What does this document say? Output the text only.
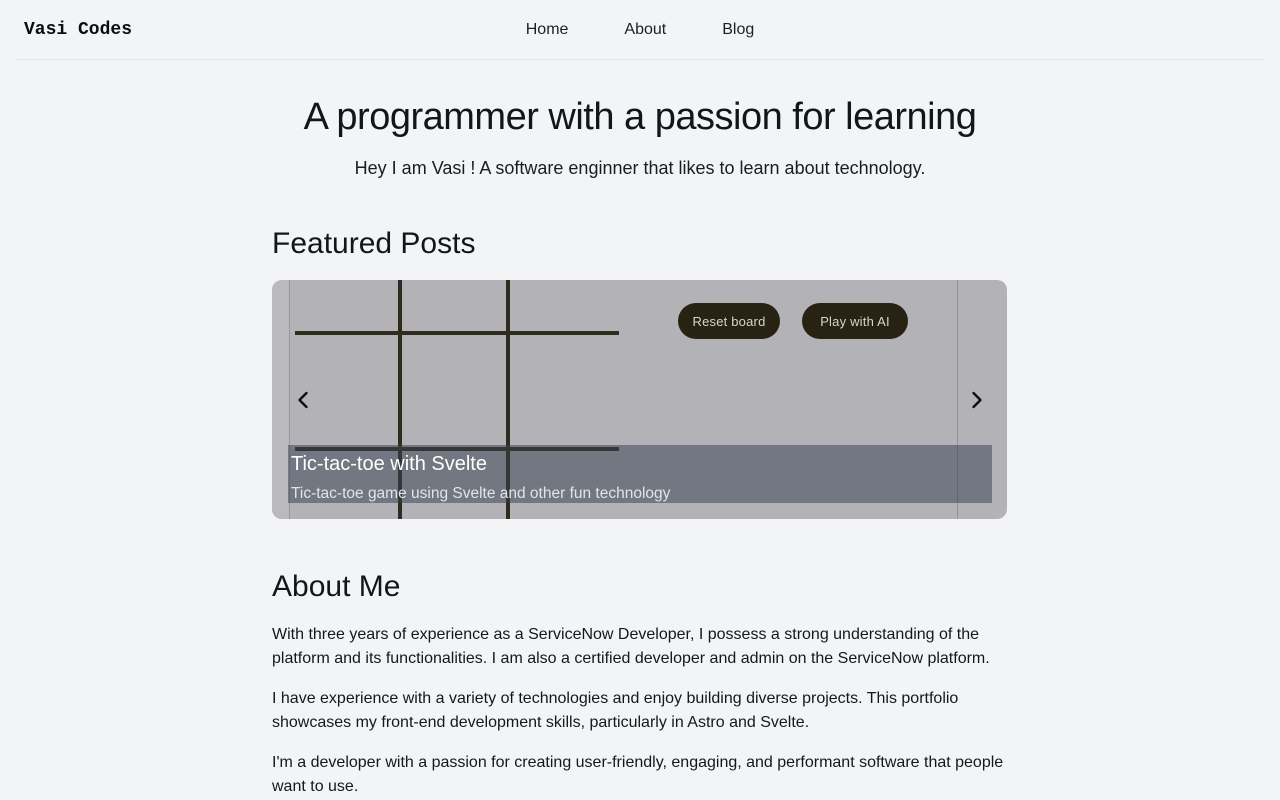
Vasi Codes	Home	About	Blog
A programmer with a passion for learning

Hey I am Vasi ! A software enginner that likes to learn about technology.

Featured Posts
Reset board	Play with AI
Tic-tac-toe with Svelte

Tic-tac-toe game using Svelte and other fun technology

About Me

With three years of experience as a ServiceNow Developer, I possess a strong understanding of the platform and its functionalities. I am also a certified developer and admin on the ServiceNow platform.

I have experience with a variety of technologies and enjoy building diverse projects. This portfolio showcases my front-end development skills, particularly in Astro and Svelte.

I'm a developer with a passion for creating user-friendly, engaging, and performant software that people want to use.
